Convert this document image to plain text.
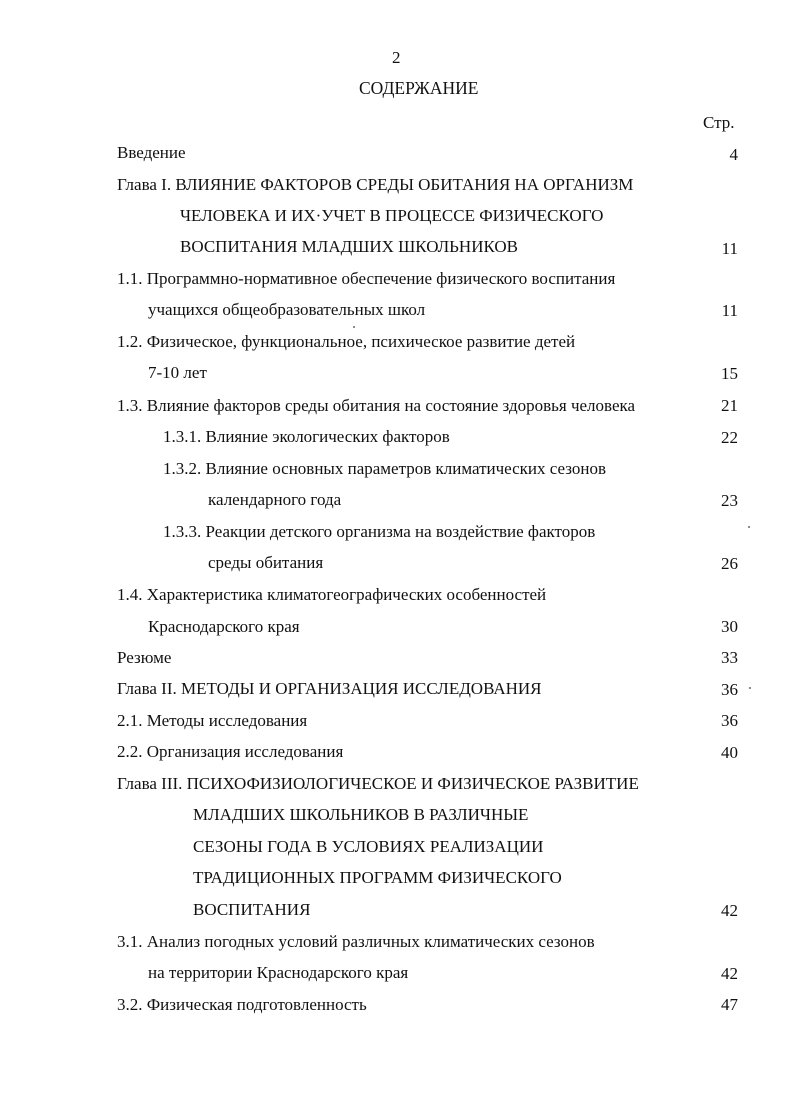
2
СОДЕРЖАНИЕ
Стр.
Введение	4
Глава I. ВЛИЯНИЕ ФАКТОРОВ СРЕДЫ ОБИТАНИЯ НА ОРГАНИЗМ
ЧЕЛОВЕКА И ИХ·УЧЕТ В ПРОЦЕССЕ ФИЗИЧЕСКОГО
ВОСПИТАНИЯ МЛАДШИХ ШКОЛЬНИКОВ	11
1.1. Программно-нормативное обеспечение физического воспитания
учащихся общеобразовательных школ	11
1.2. Физическое, функциональное, психическое развитие детей
7-10 лет	15
1.3. Влияние факторов среды обитания на состояние здоровья человека	21
1.3.1. Влияние экологических факторов	22
1.3.2. Влияние основных параметров климатических сезонов
календарного года	23
1.3.3. Реакции детского организма на воздействие факторов
среды обитания	26
1.4. Характеристика климатогеографических особенностей
Краснодарского края	30
Резюме	33
Глава II. МЕТОДЫ И ОРГАНИЗАЦИЯ ИССЛЕДОВАНИЯ	36
2.1. Методы исследования	36
2.2. Организация исследования	40
Глава III. ПСИХОФИЗИОЛОГИЧЕСКОЕ И ФИЗИЧЕСКОЕ РАЗВИТИЕ
МЛАДШИХ ШКОЛЬНИКОВ В РАЗЛИЧНЫЕ
СЕЗОНЫ ГОДА В УСЛОВИЯХ РЕАЛИЗАЦИИ
ТРАДИЦИОННЫХ ПРОГРАММ ФИЗИЧЕСКОГО
ВОСПИТАНИЯ	42
3.1. Анализ погодных условий различных климатических сезонов
на территории Краснодарского края	42
3.2. Физическая подготовленность	47
